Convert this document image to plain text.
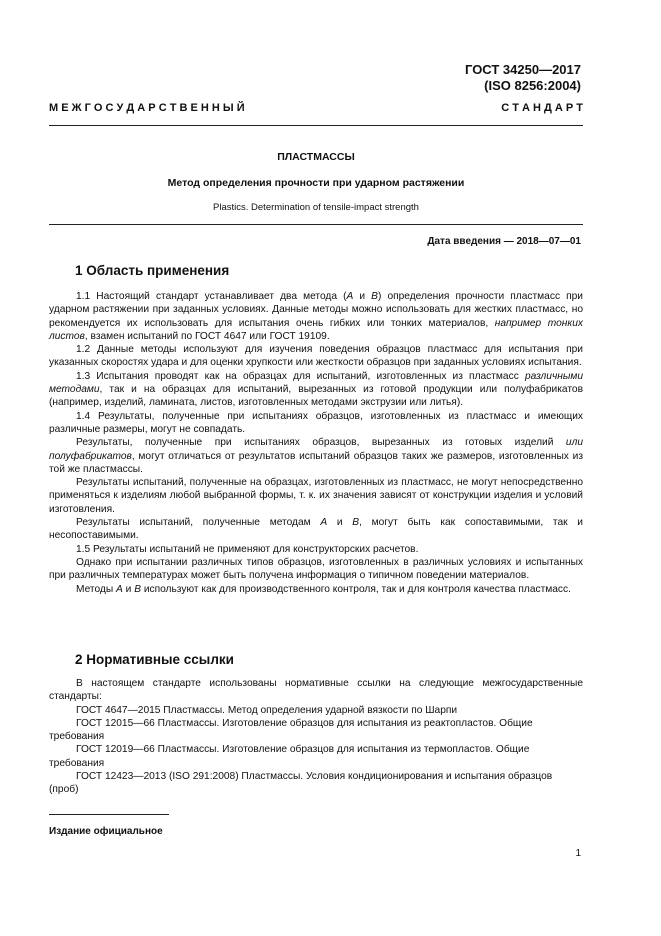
ГОСТ 34250—2017
(ISO 8256:2004)
М Е Ж Г О С У Д А Р С Т В Е Н Н Ы Й	С Т А Н Д А Р Т
ПЛАСТМАССЫ
Метод определения прочности при ударном растяжении
Plastics. Determination of tensile-impact strength
Дата введения — 2018—07—01
1 Область применения

1.1 Настоящий стандарт устанавливает два метода (A и B) определения прочности пластмасс при ударном растяжении при заданных условиях. Данные методы можно использовать для жестких пластмасс, но рекомендуется их использовать для испытания очень гибких или тонких материалов, например тонких листов, взамен испытаний по ГОСТ 4647 или ГОСТ 19109.

1.2 Данные методы используют для изучения поведения образцов пластмасс для испытания при указанных скоростях удара и для оценки хрупкости или жесткости образцов при заданных условиях испытания.

1.3 Испытания проводят как на образцах для испытаний, изготовленных из пластмасс различными методами, так и на образцах для испытаний, вырезанных из готовой продукции или полуфабрикатов (например, изделий, ламината, листов, изготовленных методами экструзии или литья).

1.4 Результаты, полученные при испытаниях образцов, изготовленных из пластмасс и имеющих различные размеры, могут не совпадать.

Результаты, полученные при испытаниях образцов, вырезанных из готовых изделий или полуфабрикатов, могут отличаться от результатов испытаний образцов таких же размеров, изготовленных из той же пластмассы.

Результаты испытаний, полученные на образцах, изготовленных из пластмасс, не могут непосредственно применяться к изделиям любой выбранной формы, т. к. их значения зависят от конструкции изделия и условий изготовления.

Результаты испытаний, полученные методам A и B, могут быть как сопоставимыми, так и несопоставимыми.

1.5 Результаты испытаний не применяют для конструкторских расчетов.

Однако при испытании различных типов образцов, изготовленных в различных условиях и испытанных при различных температурах может быть получена информация о типичном поведении материалов.

Методы A и B используют как для производственного контроля, так и для контроля качества пластмасс.

2 Нормативные ссылки

В настоящем стандарте использованы нормативные ссылки на следующие межгосударственные стандарты:

ГОСТ 4647—2015 Пластмассы. Метод определения ударной вязкости по Шарпи

ГОСТ 12015—66 Пластмассы. Изготовление образцов для испытания из реактопластов. Общие требования

ГОСТ 12019—66 Пластмассы. Изготовление образцов для испытания из термопластов. Общие требования

ГОСТ 12423—2013 (ISO 291:2008) Пластмассы. Условия кондиционирования и испытания образцов (проб)

Издание официальное
1
